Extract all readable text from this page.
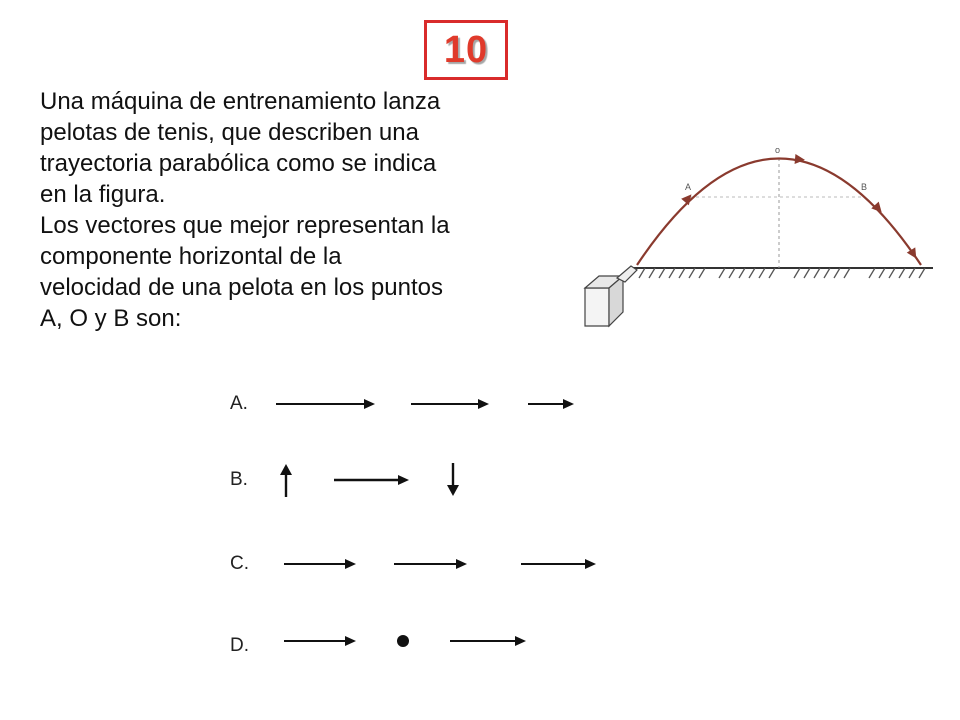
10

Una máquina de entrenamiento lanza
pelotas de tenis, que describen una
trayectoria parabólica como se indica
en la figura.

Los vectores que mejor representan la
componente horizontal de la
velocidad de una pelota en los puntos
A, O y B son:

A
o
B
A.
B.
C.
D.
